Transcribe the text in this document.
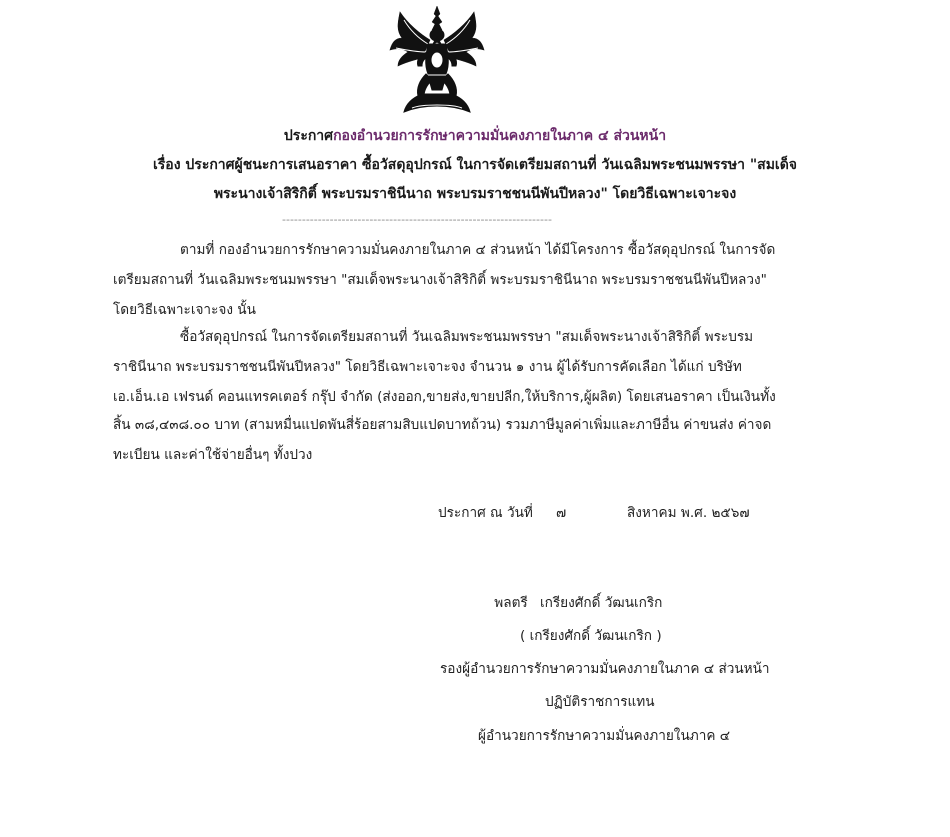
ประกาศกองอำนวยการรักษาความมั่นคงภายในภาค ๔ ส่วนหน้า
เรื่อง ประกาศผู้ชนะการเสนอราคา ซื้อวัสดุอุปกรณ์ ในการจัดเตรียมสถานที่ วันเฉลิมพระชนมพรรษา "สมเด็จ
พระนางเจ้าสิริกิติ์ พระบรมราชินีนาถ พระบรมราชชนนีพันปีหลวง" โดยวิธีเฉพาะเจาะจง
--------------------------------------------------------------------
ตามที่ กองอำนวยการรักษาความมั่นคงภายในภาค ๔ ส่วนหน้า ได้มีโครงการ ซื้อวัสดุอุปกรณ์ ในการจัด
เตรียมสถานที่ วันเฉลิมพระชนมพรรษา "สมเด็จพระนางเจ้าสิริกิติ์ พระบรมราชินีนาถ พระบรมราชชนนีพันปีหลวง"
โดยวิธีเฉพาะเจาะจง นั้น
ซื้อวัสดุอุปกรณ์ ในการจัดเตรียมสถานที่ วันเฉลิมพระชนมพรรษา "สมเด็จพระนางเจ้าสิริกิติ์ พระบรม
ราชินีนาถ พระบรมราชชนนีพันปีหลวง" โดยวิธีเฉพาะเจาะจง จำนวน ๑ งาน ผู้ได้รับการคัดเลือก ได้แก่ บริษัท
เอ.เอ็น.เอ เฟรนด์ คอนแทรคเตอร์ กรุ๊ป จำกัด (ส่งออก,ขายส่ง,ขายปลีก,ให้บริการ,ผู้ผลิต) โดยเสนอราคา เป็นเงินทั้ง
สิ้น ๓๘,๔๓๘.๐๐ บาท (สามหมื่นแปดพันสี่ร้อยสามสิบแปดบาทถ้วน) รวมภาษีมูลค่าเพิ่มและภาษีอื่น ค่าขนส่ง ค่าจด
ทะเบียน และค่าใช้จ่ายอื่นๆ ทั้งปวง
ประกาศ ณ วันที่ ๗	สิงหาคม พ.ศ. ๒๕๖๗
พลตรี เกรียงศักดิ์ วัฒนเกริก
( เกรียงศักดิ์ วัฒนเกริก )
รองผู้อำนวยการรักษาความมั่นคงภายในภาค ๔ ส่วนหน้า
ปฏิบัติราชการแทน
ผู้อำนวยการรักษาความมั่นคงภายในภาค ๔
